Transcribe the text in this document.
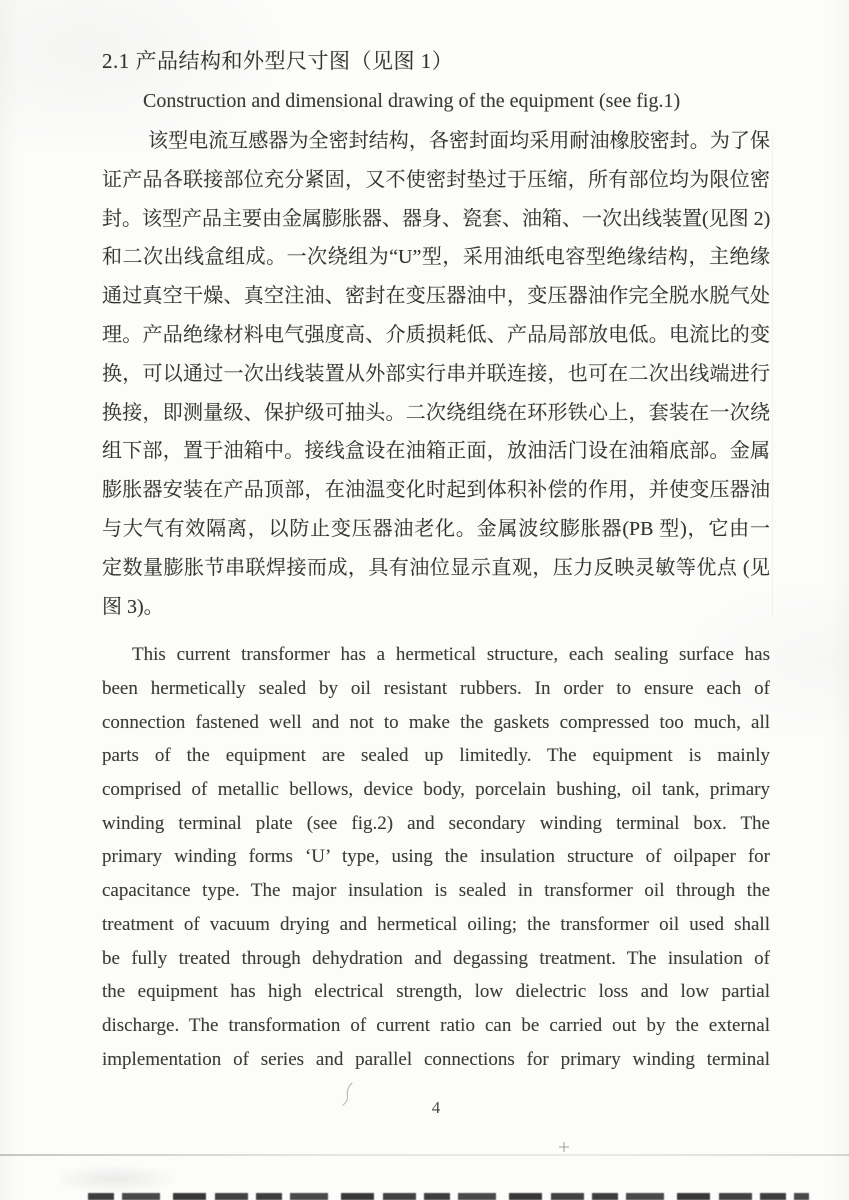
2.1 产品结构和外型尺寸图（见图 1）
Construction and dimensional drawing of the equipment (see fig.1)
该型电流互感器为全密封结构，各密封面均采用耐油橡胶密封。为了保
证产品各联接部位充分紧固，又不使密封垫过于压缩，所有部位均为限位密
封。该型产品主要由金属膨胀器、器身、瓷套、油箱、一次出线装置(见图 2)
和二次出线盒组成。一次绕组为“U”型，采用油纸电容型绝缘结构，主绝缘
通过真空干燥、真空注油、密封在变压器油中，变压器油作完全脱水脱气处
理。产品绝缘材料电气强度高、介质损耗低、产品局部放电低。电流比的变
换，可以通过一次出线装置从外部实行串并联连接，也可在二次出线端进行
换接，即测量级、保护级可抽头。二次绕组绕在环形铁心上，套装在一次绕
组下部，置于油箱中。接线盒设在油箱正面，放油活门设在油箱底部。金属
膨胀器安装在产品顶部，在油温变化时起到体积补偿的作用，并使变压器油
与大气有效隔离，以防止变压器油老化。金属波纹膨胀器(PB 型)，它由一
定数量膨胀节串联焊接而成，具有油位显示直观，压力反映灵敏等优点 (见
图 3)。
This current transformer has a hermetical structure, each sealing surface has
been hermetically sealed by oil resistant rubbers. In order to ensure each of
connection fastened well and not to make the gaskets compressed too much, all
parts of the equipment are sealed up limitedly. The equipment is mainly
comprised of metallic bellows, device body, porcelain bushing, oil tank, primary
winding terminal plate (see fig.2) and secondary winding terminal box. The
primary winding forms ‘U’ type, using the insulation structure of oilpaper for
capacitance type. The major insulation is sealed in transformer oil through the
treatment of vacuum drying and hermetical oiling; the transformer oil used shall
be fully treated through dehydration and degassing treatment. The insulation of
the equipment has high electrical strength, low dielectric loss and low partial
discharge. The transformation of current ratio can be carried out by the external
implementation of series and parallel connections for primary winding terminal
4
